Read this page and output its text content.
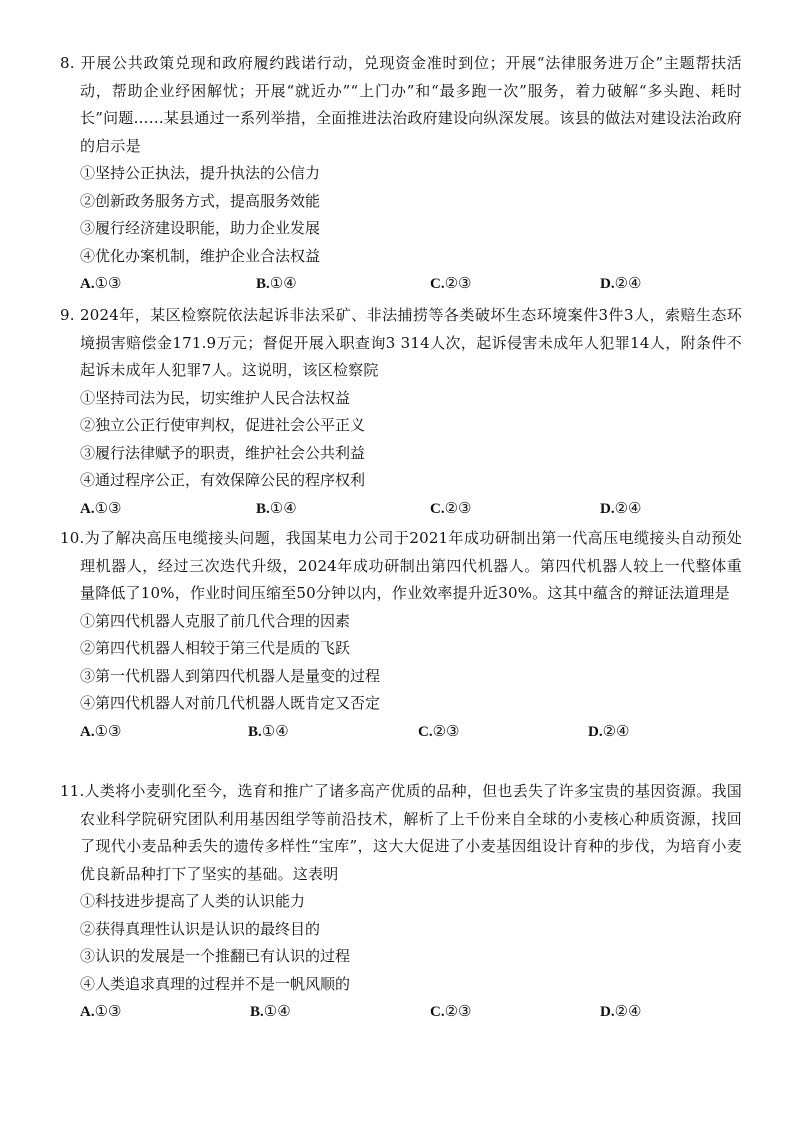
8. 开展公共政策兑现和政府履约践诺行动，兑现资金准时到位；开展“法律服务进万企”主题帮扶活动，帮助企业纾困解忧；开展“就近办”“上门办”和“最多跑一次”服务，着力破解“多头跑、耗时长”问题……某县通过一系列举措，全面推进法治政府建设向纵深发展。该县的做法对建设法治政府的启示是
①坚持公正执法，提升执法的公信力
②创新政务服务方式，提高服务效能
③履行经济建设职能，助力企业发展
④优化办案机制，维护企业合法权益
A.①③	B.①④	C.②③	D.②④
9. 2024年，某区检察院依法起诉非法采矿、非法捕捞等各类破坏生态环境案件3件3人，索赔生态环境损害赔偿金171.9万元；督促开展入职查询3 314人次，起诉侵害未成年人犯罪14人，附条件不起诉未成年人犯罪7人。这说明，该区检察院
①坚持司法为民，切实维护人民合法权益
②独立公正行使审判权，促进社会公平正义
③履行法律赋予的职责，维护社会公共利益
④通过程序公正，有效保障公民的程序权利
A.①③	B.①④	C.②③	D.②④
10.为了解决高压电缆接头问题，我国某电力公司于2021年成功研制出第一代高压电缆接头自动预处理机器人，经过三次迭代升级，2024年成功研制出第四代机器人。第四代机器人较上一代整体重量降低了10%，作业时间压缩至50分钟以内，作业效率提升近30%。这其中蕴含的辩证法道理是
①第四代机器人克服了前几代合理的因素
②第四代机器人相较于第三代是质的飞跃
③第一代机器人到第四代机器人是量变的过程
④第四代机器人对前几代机器人既肯定又否定
A.①③	B.①④	C.②③	D.②④
11.人类将小麦驯化至今，选育和推广了诸多高产优质的品种，但也丢失了许多宝贵的基因资源。我国农业科学院研究团队利用基因组学等前沿技术，解析了上千份来自全球的小麦核心种质资源，找回了现代小麦品种丢失的遗传多样性“宝库”，这大大促进了小麦基因组设计育种的步伐，为培育小麦优良新品种打下了坚实的基础。这表明
①科技进步提高了人类的认识能力
②获得真理性认识是认识的最终目的
③认识的发展是一个推翻已有认识的过程
④人类追求真理的过程并不是一帆风顺的
A.①③	B.①④	C.②③	D.②④
